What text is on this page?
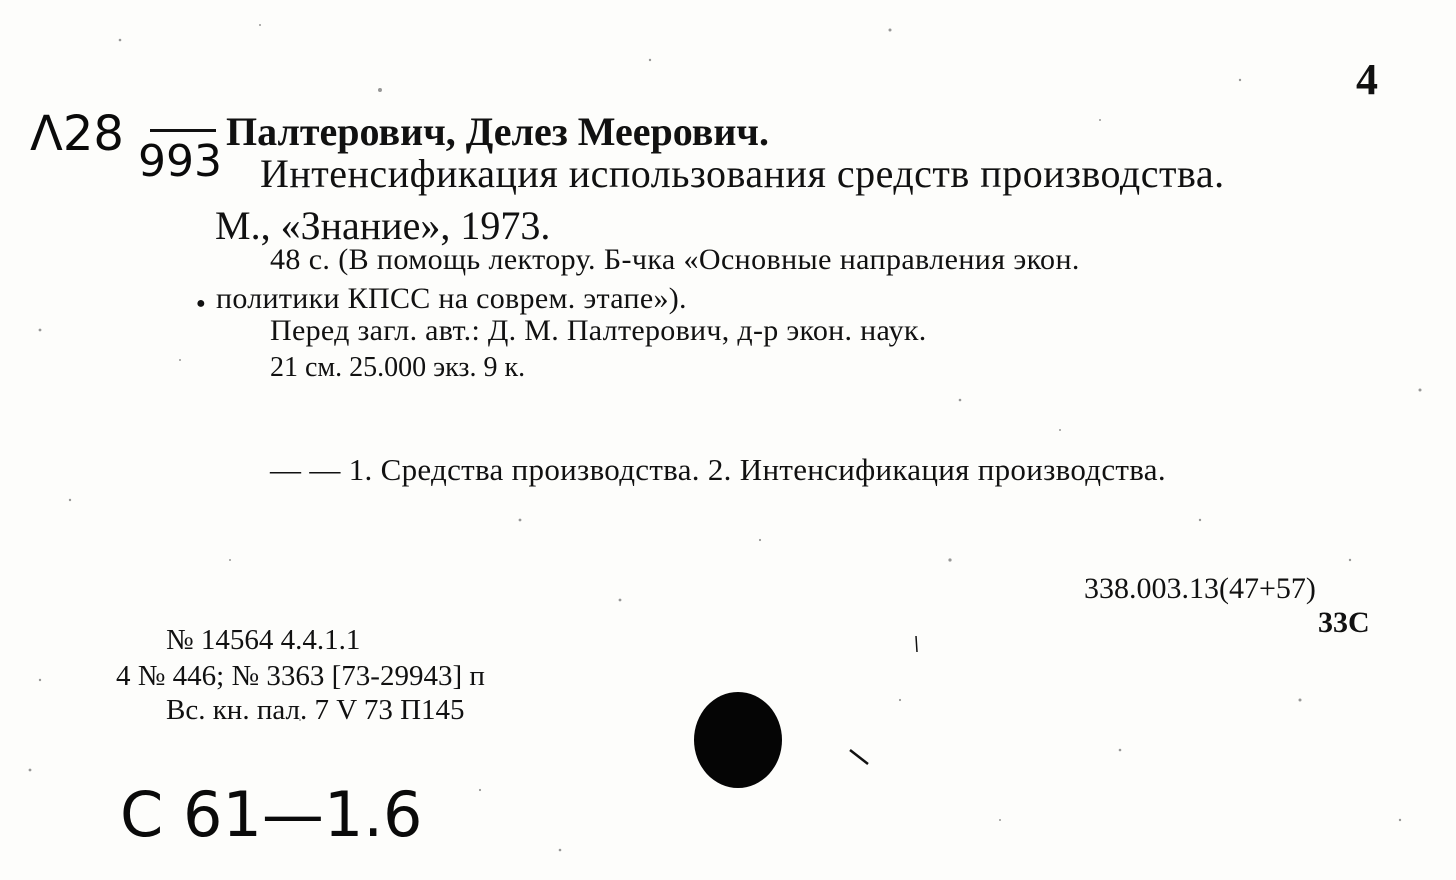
4
Λ28 993
Палтерович, Делез Меерович.
Интенсификация использования средств производства.
М., «Знание», 1973.
48 с. (В помощь лектору. Б-чка «Основные направления экон.
● политики КПСС на соврем. этапе»).
Перед загл. авт.: Д. М. Палтерович, д-р экон. наук.
21 см. 25.000 экз. 9 к.
— — 1. Средства производства. 2. Интенсификация производства.
338.003.13(47+57)
33С
№ 14564 4.4.1.1
4 № 446; № 3363 [73-29943] п
Вс. кн. пал. 7 V 73 П145
С 61—1.6
